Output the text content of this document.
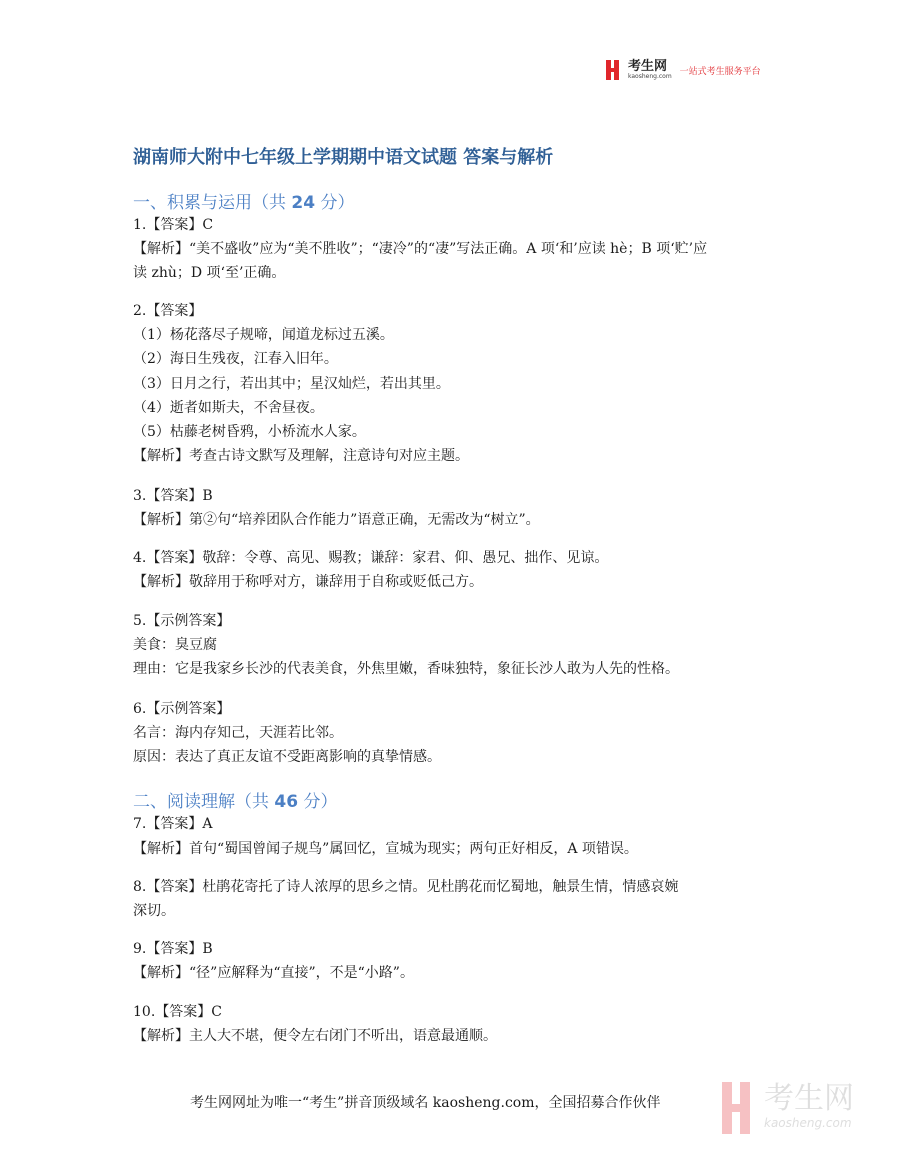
考生网
kaosheng.com 一站式考生服务平台
湖南师大附中七年级上学期期中语文试题 答案与解析
一、积累与运用（共 24 分）
1.【答案】C
【解析】“美不盛收”应为“美不胜收”；“凄冷”的“凄”写法正确。A 项‘和’应读 hè；B 项‘贮’应
读 zhù；D 项‘至’正确。
2.【答案】
（1）杨花落尽子规啼，闻道龙标过五溪。
（2）海日生残夜，江春入旧年。
（3）日月之行，若出其中；星汉灿烂，若出其里。
（4）逝者如斯夫，不舍昼夜。
（5）枯藤老树昏鸦，小桥流水人家。
【解析】考查古诗文默写及理解，注意诗句对应主题。
3.【答案】B
【解析】第②句“培养团队合作能力”语意正确，无需改为“树立”。
4.【答案】敬辞：令尊、高见、赐教；谦辞：家君、仰、愚兄、拙作、见谅。
【解析】敬辞用于称呼对方，谦辞用于自称或贬低己方。
5.【示例答案】
美食：臭豆腐
理由：它是我家乡长沙的代表美食，外焦里嫩，香味独特，象征长沙人敢为人先的性格。
6.【示例答案】
名言：海内存知己，天涯若比邻。
原因：表达了真正友谊不受距离影响的真挚情感。
二、阅读理解（共 46 分）
7.【答案】A
【解析】首句“蜀国曾闻子规鸟”属回忆，宣城为现实；两句正好相反，A 项错误。
8.【答案】杜鹃花寄托了诗人浓厚的思乡之情。见杜鹃花而忆蜀地，触景生情，情感哀婉
深切。
9.【答案】B
【解析】“径”应解释为“直接”，不是“小路”。
10.【答案】C
【解析】主人大不堪，便令左右闭门不听出，语意最通顺。
考生网网址为唯一“考生”拼音顶级域名 kaosheng.com，全国招募合作伙伴	考生网
kaosheng.com
